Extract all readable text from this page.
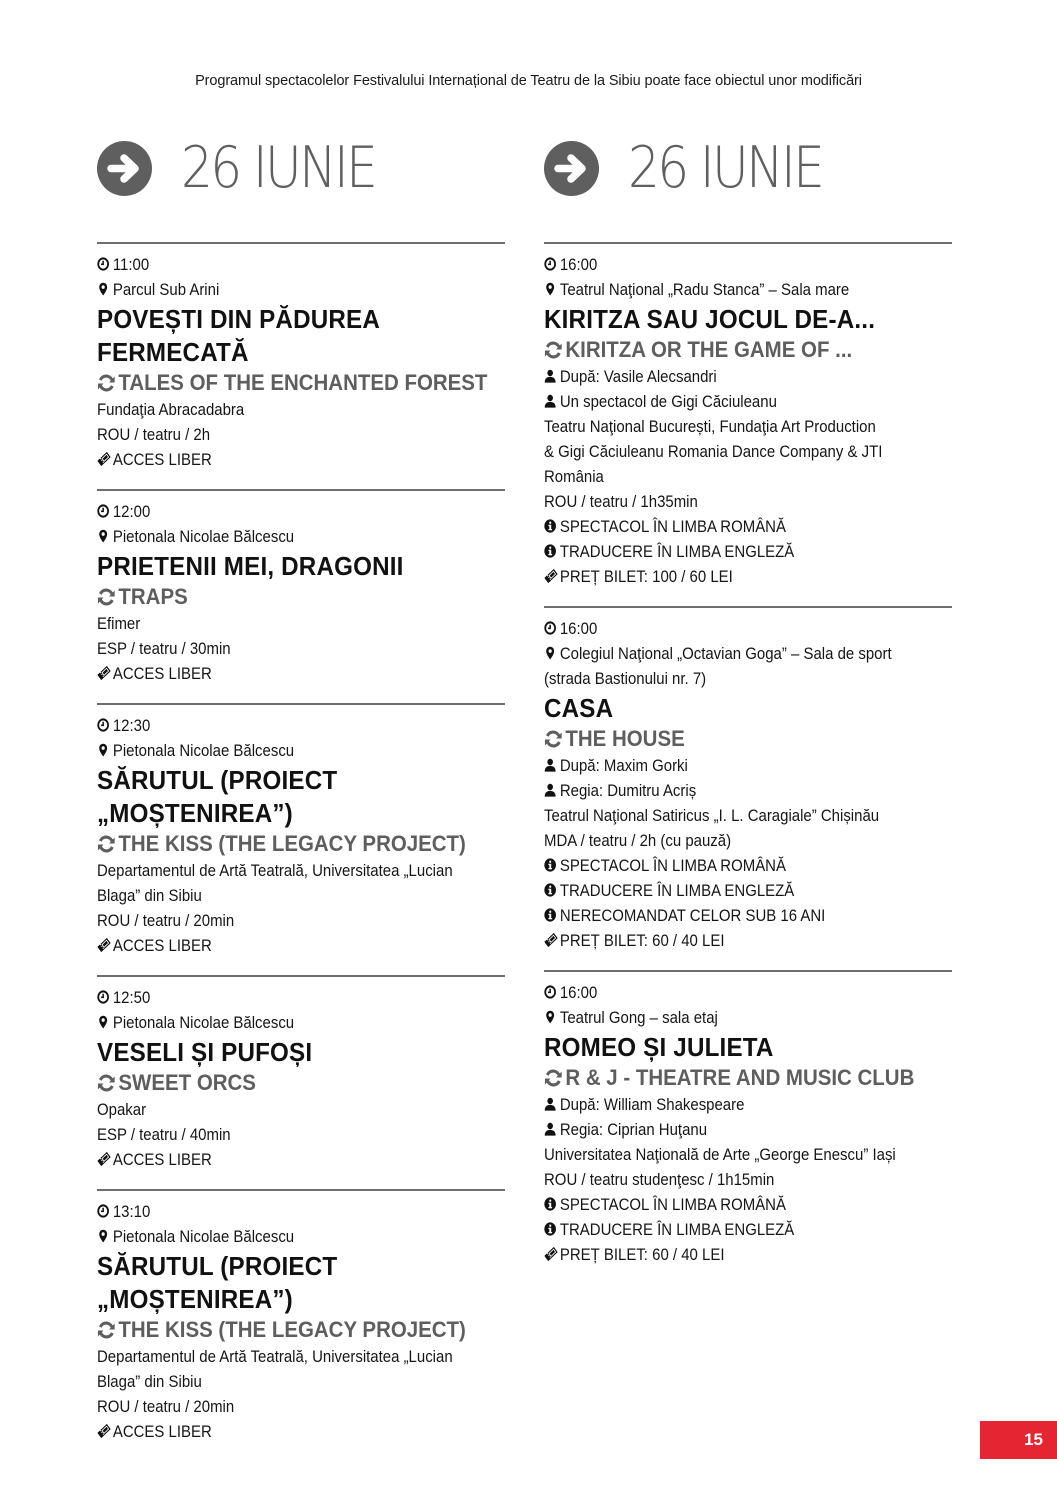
Programul spectacolelor Festivalului Internațional de Teatru de la Sibiu poate face obiectul unor modificări
26 IUNIE
11:00
Parcul Sub Arini
POVEȘTI DIN PĂDUREA
FERMECATĂ
TALES OF THE ENCHANTED FOREST
Fundaţia Abracadabra
ROU / teatru / 2h
ACCES LIBER
12:00
Pietonala Nicolae Bălcescu
PRIETENII MEI, DRAGONII
TRAPS
Efimer
ESP / teatru / 30min
ACCES LIBER
12:30
Pietonala Nicolae Bălcescu
SĂRUTUL (PROIECT
„MOȘTENIREA”)
THE KISS (THE LEGACY PROJECT)
Departamentul de Artă Teatrală, Universitatea „Lucian
Blaga” din Sibiu
ROU / teatru / 20min
ACCES LIBER
12:50
Pietonala Nicolae Bălcescu
VESELI ȘI PUFOȘI
SWEET ORCS
Opakar
ESP / teatru / 40min
ACCES LIBER
13:10
Pietonala Nicolae Bălcescu
SĂRUTUL (PROIECT
„MOȘTENIREA”)
THE KISS (THE LEGACY PROJECT)
Departamentul de Artă Teatrală, Universitatea „Lucian
Blaga” din Sibiu
ROU / teatru / 20min
ACCES LIBER
26 IUNIE
16:00
Teatrul Naţional „Radu Stanca” – Sala mare
KIRITZA SAU JOCUL DE-A...
KIRITZA OR THE GAME OF ...
După: Vasile Alecsandri
Un spectacol de Gigi Căciuleanu
Teatru Naţional București, Fundaţia Art Production
& Gigi Căciuleanu Romania Dance Company & JTI
România
ROU / teatru / 1h35min
SPECTACOL ÎN LIMBA ROMÂNĂ
TRADUCERE ÎN LIMBA ENGLEZĂ
PREȚ BILET: 100 / 60 LEI
16:00
Colegiul Naţional „Octavian Goga” – Sala de sport
(strada Bastionului nr. 7)
CASA
THE HOUSE
După: Maxim Gorki
Regia: Dumitru Acriș
Teatrul Naţional Satiricus „I. L. Caragiale” Chișinău
MDA / teatru / 2h (cu pauză)
SPECTACOL ÎN LIMBA ROMÂNĂ
TRADUCERE ÎN LIMBA ENGLEZĂ
NERECOMANDAT CELOR SUB 16 ANI
PREȚ BILET: 60 / 40 LEI
16:00
Teatrul Gong – sala etaj
ROMEO ȘI JULIETA
R & J - THEATRE AND MUSIC CLUB
După: William Shakespeare
Regia: Ciprian Huţanu
Universitatea Naţională de Arte „George Enescu” Iași
ROU / teatru studenţesc / 1h15min
SPECTACOL ÎN LIMBA ROMÂNĂ
TRADUCERE ÎN LIMBA ENGLEZĂ
PREȚ BILET: 60 / 40 LEI
15
